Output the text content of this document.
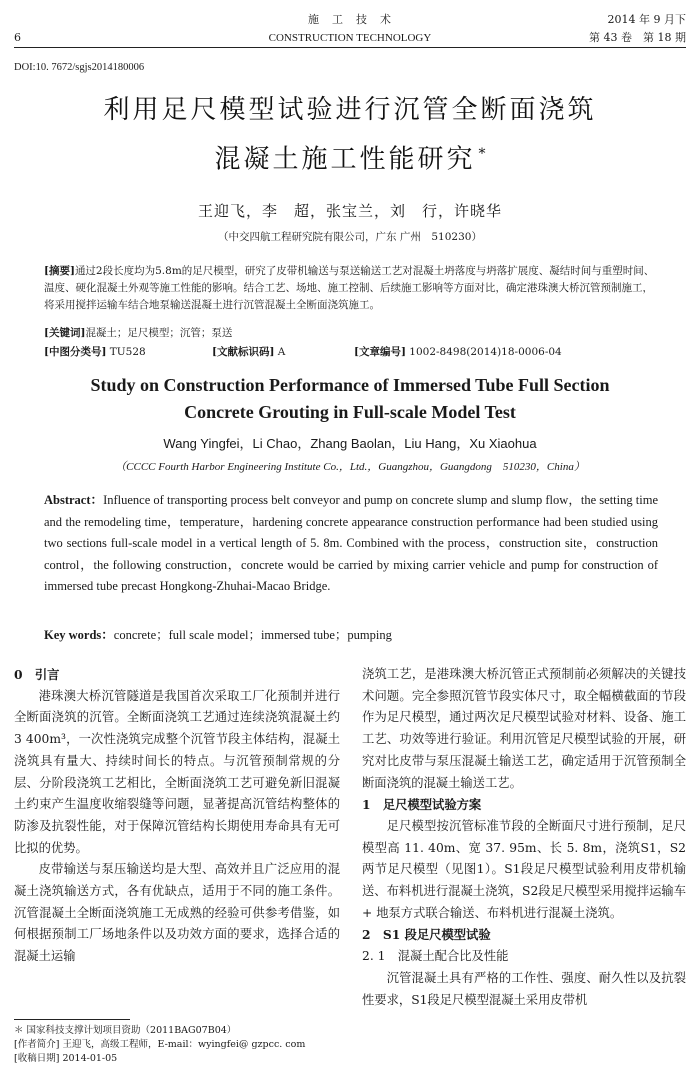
6
施　工　技　术
CONSTRUCTION TECHNOLOGY
2014 年 9 月下
第 43 卷　第 18 期
DOI:10. 7672/sgjs2014180006
利用足尺模型试验进行沉管全断面浇筑
混凝土施工性能研究 *
王迎飞，李　超，张宝兰，刘　行，许晓华
（中交四航工程研究院有限公司，广东 广州　510230）
[摘要]通过2段长度均为5.8m的足尺模型，研究了皮带机输送与泵送输送工艺对混凝土坍落度与坍落扩展度、凝结时间与重塑时间、温度、硬化混凝土外观等施工性能的影响。结合工艺、场地、施工控制、后续施工影响等方面对比，确定港珠澳大桥沉管预制施工，将采用搅拌运输车结合地泵输送混凝土进行沉管混凝土全断面浇筑施工。
[关键词]混凝土；足尺模型；沉管；泵送
[中图分类号] TU528	[文献标识码] A	[文章编号] 1002-8498(2014)18-0006-04
Study on Construction Performance of Immersed Tube Full Section
Concrete Grouting in Full-scale Model Test
Wang Yingfei，Li Chao，Zhang Baolan，Liu Hang，Xu Xiaohua
（CCCC Fourth Harbor Engineering Institute Co.，Ltd.，Guangzhou，Guangdong　510230，China）
Abstract：Influence of transporting process belt conveyor and pump on concrete slump and slump flow，the setting time and the remodeling time，temperature，hardening concrete appearance construction performance had been studied using two sections full-scale model in a vertical length of 5. 8m. Combined with the process，construction site，construction control，the following construction，concrete would be carried by mixing carrier vehicle and pump for construction of immersed tube precast Hongkong-Zhuhai-Macao Bridge.
Key words：concrete；full scale model；immersed tube；pumping

0　引言

港珠澳大桥沉管隧道是我国首次采取工厂化预制并进行全断面浇筑的沉管。全断面浇筑工艺通过连续浇筑混凝土约3 400m³，一次性浇筑完成整个沉管节段主体结构，混凝土浇筑具有量大、持续时间长的特点。与沉管预制常规的分层、分阶段浇筑工艺相比，全断面浇筑工艺可避免新旧混凝土约束产生温度收缩裂缝等问题，显著提高沉管结构整体的防渗及抗裂性能，对于保障沉管结构长期使用寿命具有无可比拟的优势。

皮带输送与泵压输送均是大型、高效并且广泛应用的混凝土浇筑输送方式，各有优缺点，适用于不同的施工条件。沉管混凝土全断面浇筑施工无成熟的经验可供参考借鉴，如何根据预制工厂场地条件以及功效方面的要求，选择合适的混凝土运输

浇筑工艺，是港珠澳大桥沉管正式预制前必须解决的关键技术问题。完全参照沉管节段实体尺寸，取全幅横截面的节段作为足尺模型，通过两次足尺模型试验对材料、设备、施工工艺、功效等进行验证。利用沉管足尺模型试验的开展，研究对比皮带与泵压混凝土输送工艺，确定适用于沉管预制全断面浇筑的混凝土输送工艺。

1　足尺模型试验方案

足尺模型按沉管标准节段的全断面尺寸进行预制，足尺模型高 11. 40m、宽 37. 95m、长 5. 8m，浇筑S1，S2两节足尺模型（见图1）。S1段足尺模型试验利用皮带机输送、布料机进行混凝土浇筑，S2段足尺模型采用搅拌运输车 + 地泵方式联合输送、布料机进行混凝土浇筑。

2　S1 段足尺模型试验

2. 1　混凝土配合比及性能

沉管混凝土具有严格的工作性、强度、耐久性以及抗裂性要求，S1段足尺模型混凝土采用皮带机

＊ 国家科技支撑计划项目资助（2011BAG07B04）
[作者简介] 王迎飞，高级工程师，E-mail：wyingfei@ gzpcc. com
[收稿日期] 2014-01-05
